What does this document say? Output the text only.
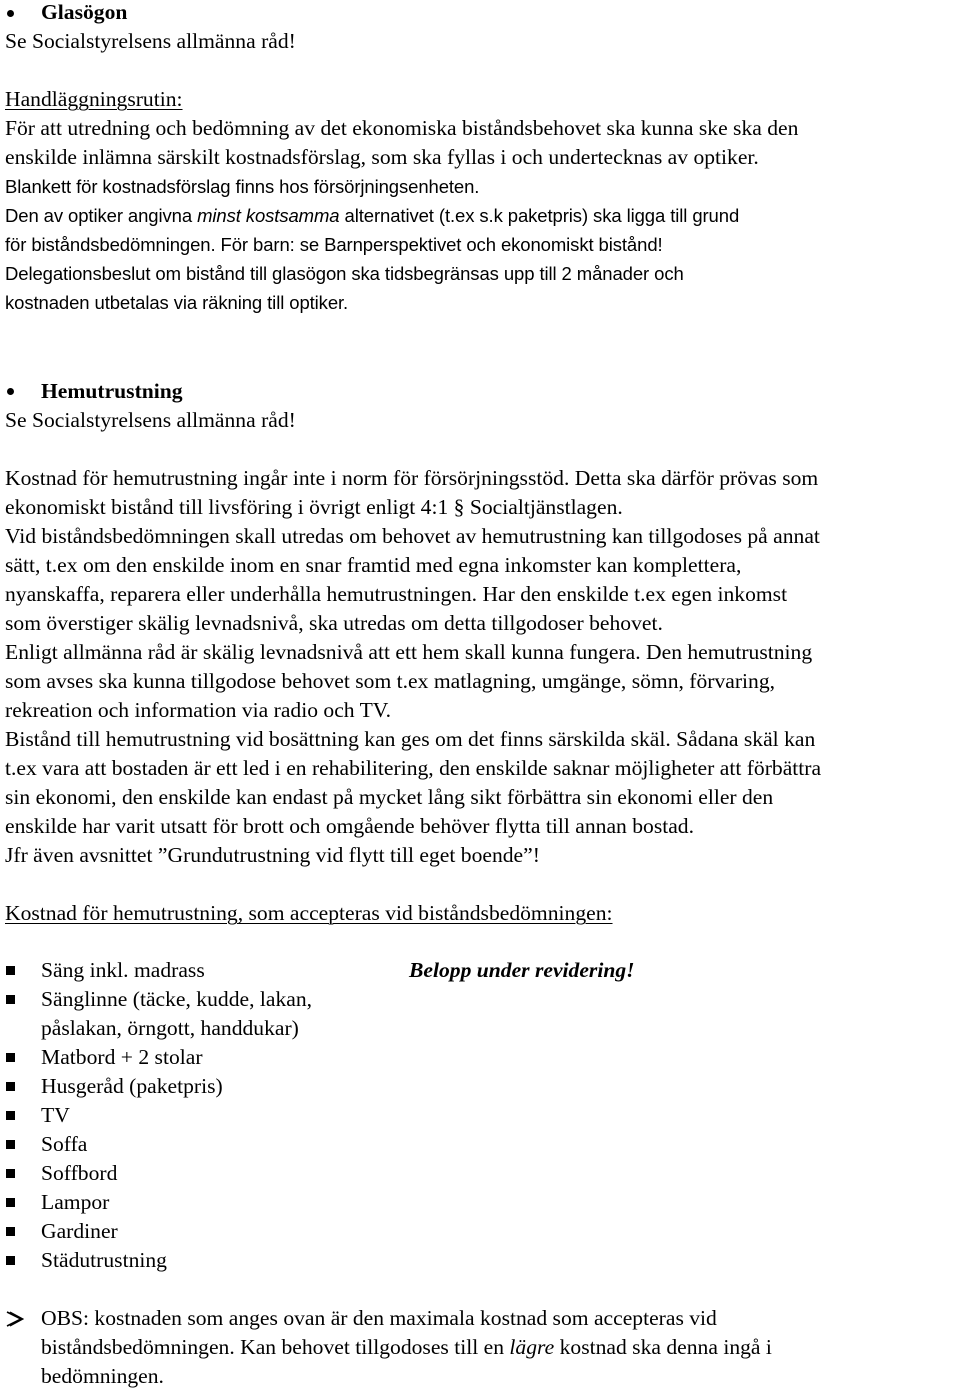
Glasögon
Se Socialstyrelsens allmänna råd!
Handläggningsrutin:
För att utredning och bedömning av det ekonomiska biståndsbehovet ska kunna ske ska den
enskilde inlämna särskilt kostnadsförslag, som ska fyllas i och undertecknas av optiker.
Blankett för kostnadsförslag finns hos försörjningsenheten.
Den av optiker angivna minst kostsamma alternativet (t.ex s.k paketpris) ska ligga till grund
för biståndsbedömningen. För barn: se Barnperspektivet och ekonomiskt bistånd!
Delegationsbeslut om bistånd till glasögon ska tidsbegränsas upp till 2 månader och
kostnaden utbetalas via räkning till optiker.
Hemutrustning
Se Socialstyrelsens allmänna råd!
Kostnad för hemutrustning ingår inte i norm för försörjningsstöd. Detta ska därför prövas som
ekonomiskt bistånd till livsföring i övrigt enligt 4:1 § Socialtjänstlagen.
Vid biståndsbedömningen skall utredas om behovet av hemutrustning kan tillgodoses på annat
sätt, t.ex om den enskilde inom en snar framtid med egna inkomster kan komplettera,
nyanskaffa, reparera eller underhålla hemutrustningen. Har den enskilde t.ex egen inkomst
som överstiger skälig levnadsnivå, ska utredas om detta tillgodoser behovet.
Enligt allmänna råd är skälig levnadsnivå att ett hem skall kunna fungera. Den hemutrustning
som avses ska kunna tillgodose behovet som t.ex matlagning, umgänge, sömn, förvaring,
rekreation och information via radio och TV.
Bistånd till hemutrustning vid bosättning kan ges om det finns särskilda skäl. Sådana skäl kan
t.ex vara att bostaden är ett led i en rehabilitering, den enskilde saknar möjligheter att förbättra
sin ekonomi, den enskilde kan endast på mycket lång sikt förbättra sin ekonomi eller den
enskilde har varit utsatt för brott och omgående behöver flytta till annan bostad.
Jfr även avsnittet ”Grundutrustning vid flytt till eget boende”!
Kostnad för hemutrustning, som accepteras vid biståndsbedömningen:
Säng inkl. madrass	Belopp under revidering!
Sänglinne (täcke, kudde, lakan,
påslakan, örngott, handdukar)
Matbord + 2 stolar
Husgeråd (paketpris)
TV
Soffa
Soffbord
Lampor
Gardiner
Städutrustning
OBS: kostnaden som anges ovan är den maximala kostnad som accepteras vid
biståndsbedömningen. Kan behovet tillgodoses till en lägre kostnad ska denna ingå i
bedömningen.
